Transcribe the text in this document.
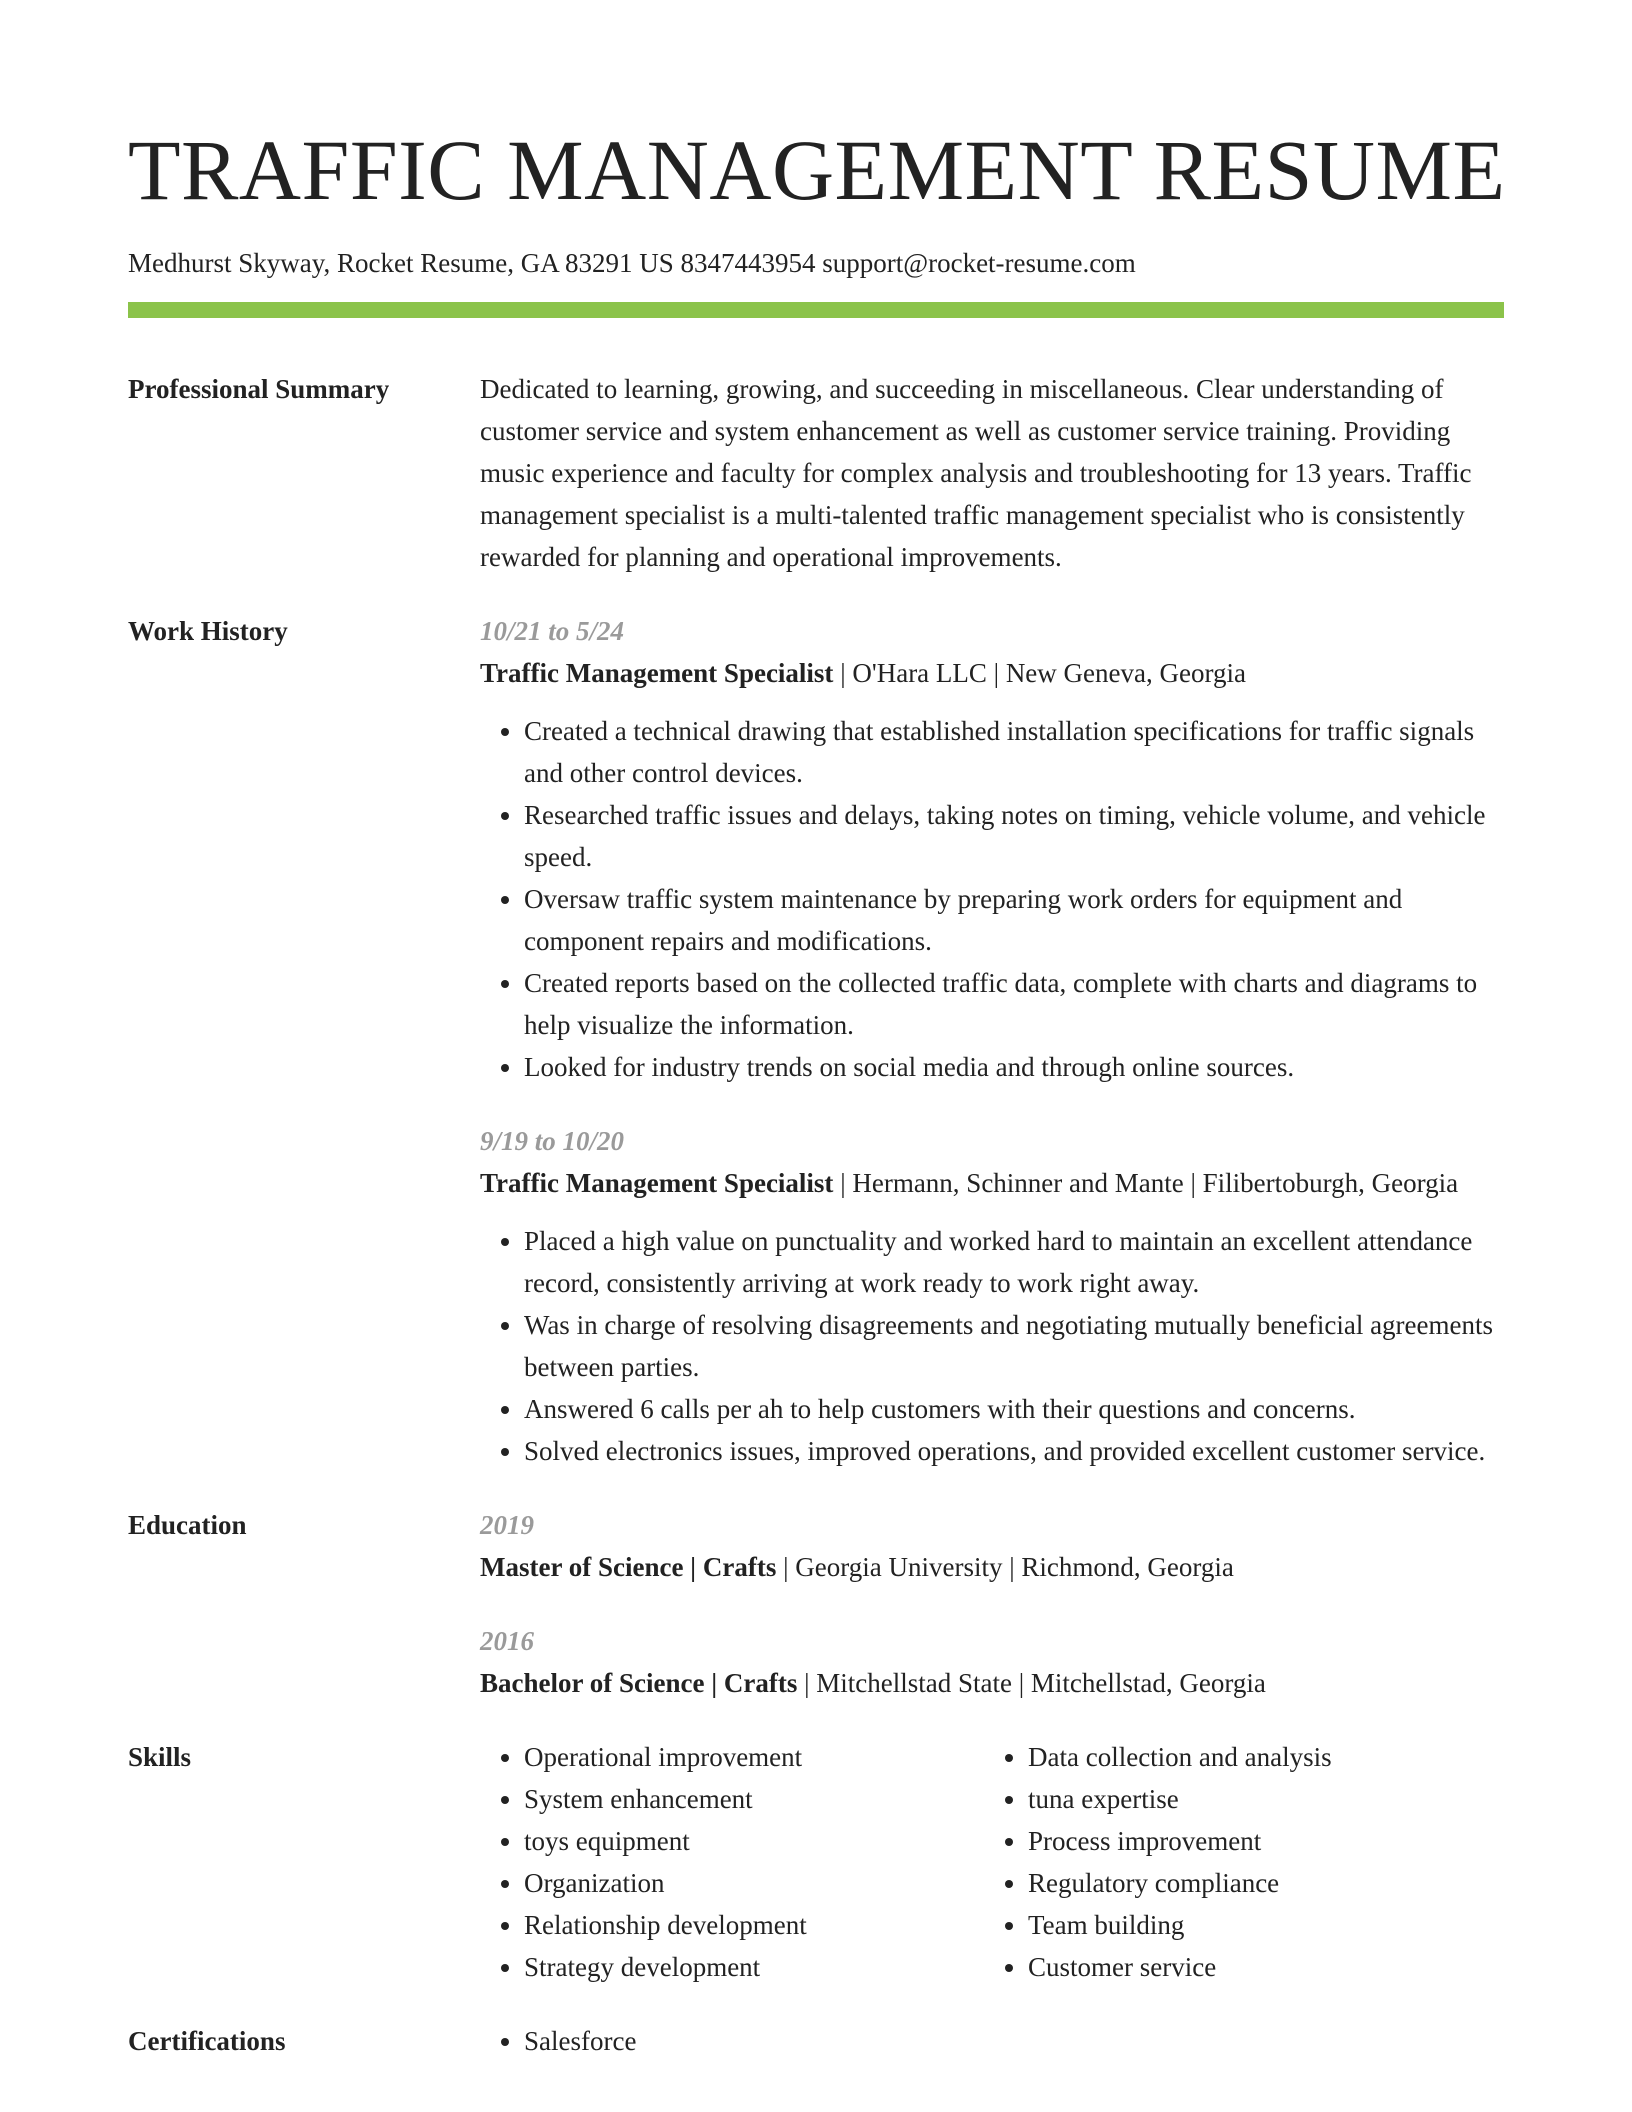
TRAFFIC MANAGEMENT RESUME
Medhurst Skyway, Rocket Resume, GA 83291 US 8347443954 support@rocket-resume.com
Professional Summary	Dedicated to learning, growing, and succeeding in miscellaneous. Clear understanding of customer service and system enhancement as well as customer service training. Providing music experience and faculty for complex analysis and troubleshooting for 13 years. Traffic management specialist is a multi-talented traffic management specialist who is consistently rewarded for planning and operational improvements.
Work History	10/21 to 5/24
Traffic Management Specialist | O'Hara LLC | New Geneva, Georgia
• Created a technical drawing that established installation specifications for traffic signals and other control devices.
• Researched traffic issues and delays, taking notes on timing, vehicle volume, and vehicle speed.
• Oversaw traffic system maintenance by preparing work orders for equipment and component repairs and modifications.
• Created reports based on the collected traffic data, complete with charts and diagrams to help visualize the information.
• Looked for industry trends on social media and through online sources.
9/19 to 10/20
Traffic Management Specialist | Hermann, Schinner and Mante | Filibertoburgh, Georgia
• Placed a high value on punctuality and worked hard to maintain an excellent attendance record, consistently arriving at work ready to work right away.
• Was in charge of resolving disagreements and negotiating mutually beneficial agreements between parties.
• Answered 6 calls per ah to help customers with their questions and concerns.
• Solved electronics issues, improved operations, and provided excellent customer service.
Education	2019
Master of Science | Crafts | Georgia University | Richmond, Georgia
2016
Bachelor of Science | Crafts | Mitchellstad State | Mitchellstad, Georgia
Skills	• Operational improvement
• System enhancement
• toys equipment
• Organization
• Relationship development
• Strategy development
• Data collection and analysis
• tuna expertise
• Process improvement
• Regulatory compliance
• Team building
• Customer service
Certifications	• Salesforce
